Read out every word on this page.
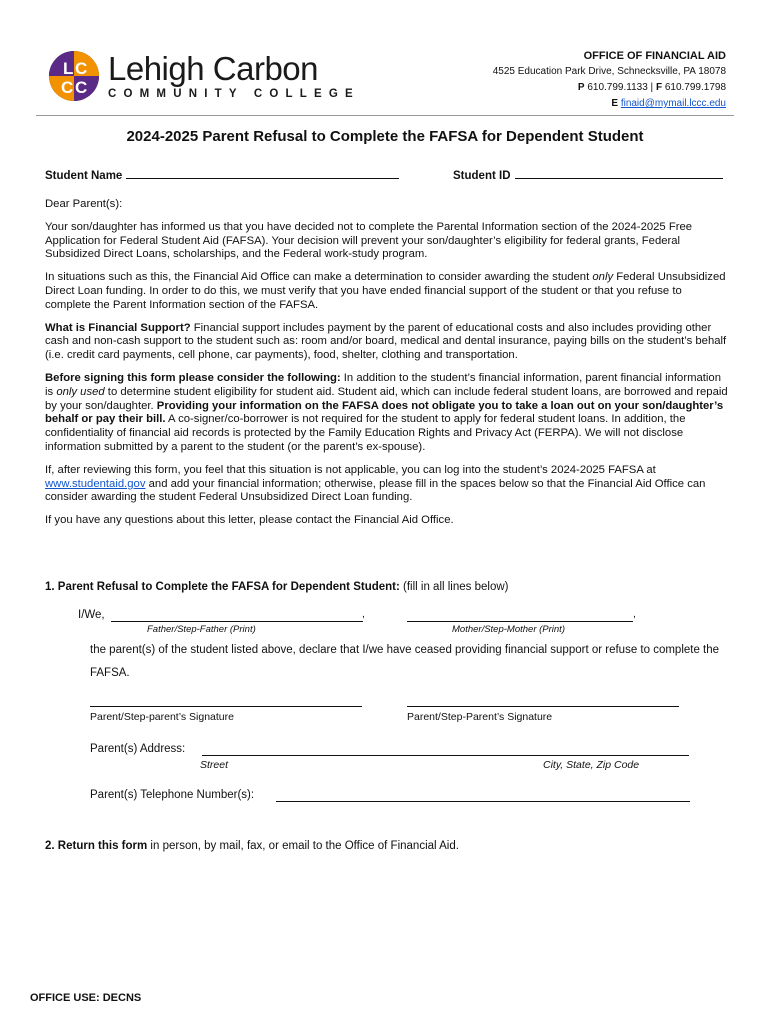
L C
C C
Lehigh Carbon
COMMUNITY COLLEGE
OFFICE OF FINANCIAL AID
4525 Education Park Drive, Schnecksville, PA 18078
P 610.799.1133 | F 610.799.1798
E finaid@mymail.lccc.edu
2024-2025 Parent Refusal to Complete the FAFSA for Dependent Student
Student Name	Student ID

Dear Parent(s):

Your son/daughter has informed us that you have decided not to complete the Parental Information section of the 2024-2025 Free Application for Federal Student Aid (FAFSA). Your decision will prevent your son/daughter’s eligibility for federal grants, Federal Subsidized Direct Loans, scholarships, and the Federal work-study program.

In situations such as this, the Financial Aid Office can make a determination to consider awarding the student only Federal Unsubsidized Direct Loan funding. In order to do this, we must verify that you have ended financial support of the student or that you refuse to complete the Parent Information section of the FAFSA.

What is Financial Support? Financial support includes payment by the parent of educational costs and also includes providing other cash and non-cash support to the student such as: room and/or board, medical and dental insurance, paying bills on the student’s behalf (i.e. credit card payments, cell phone, car payments), food, shelter, clothing and transportation.

Before signing this form please consider the following: In addition to the student’s financial information, parent financial information is only used to determine student eligibility for student aid. Student aid, which can include federal student loans, are borrowed and repaid by your son/daughter. Providing your information on the FAFSA does not obligate you to take a loan out on your son/daughter’s behalf or pay their bill. A co-signer/co-borrower is not required for the student to apply for federal student loans. In addition, the confidentiality of financial aid records is protected by the Family Education Rights and Privacy Act (FERPA). We will not disclose information submitted by a parent to the student (or the parent’s ex-spouse).

If, after reviewing this form, you feel that this situation is not applicable, you can log into the student’s 2024-2025 FAFSA at www.studentaid.gov and add your financial information; otherwise, please fill in the spaces below so that the Financial Aid Office can consider awarding the student Federal Unsubsidized Direct Loan funding.

If you have any questions about this letter, please contact the Financial Aid Office.

1. Parent Refusal to Complete the FAFSA for Dependent Student: (fill in all lines below)
I/We,	,	,
Father/Step-Father (Print)	Mother/Step-Mother (Print)
the parent(s) of the student listed above, declare that I/we have ceased providing financial support or refuse to complete the FAFSA.
Parent/Step-parent’s Signature	Parent/Step-Parent’s Signature
Parent(s) Address:
Street	City, State, Zip Code
Parent(s) Telephone Number(s):
2. Return this form in person, by mail, fax, or email to the Office of Financial Aid.
OFFICE USE: DECNS
